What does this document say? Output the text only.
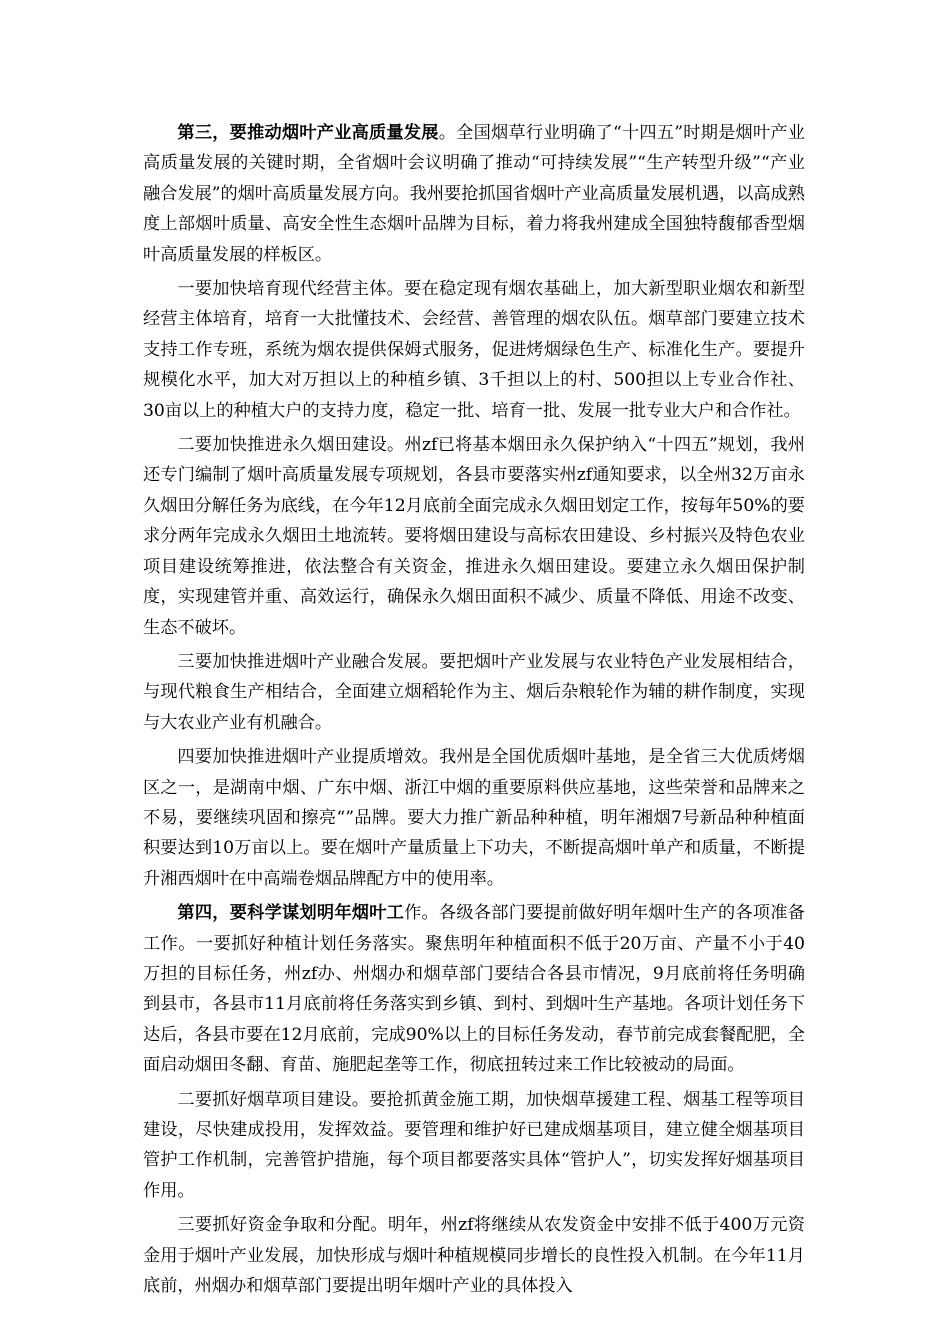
第三，要推动烟叶产业高质量发展。全国烟草行业明确了“十四五”时期是烟叶产业高质量发展的关键时期，全省烟叶会议明确了推动“可持续发展”“生产转型升级”“产业融合发展”的烟叶高质量发展方向。我州要抢抓国省烟叶产业高质量发展机遇，以高成熟度上部烟叶质量、高安全性生态烟叶品牌为目标，着力将我州建成全国独特馥郁香型烟叶高质量发展的样板区。

一要加快培育现代经营主体。要在稳定现有烟农基础上，加大新型职业烟农和新型经营主体培育，培育一大批懂技术、会经营、善管理的烟农队伍。烟草部门要建立技术支持工作专班，系统为烟农提供保姆式服务，促进烤烟绿色生产、标准化生产。要提升规模化水平，加大对万担以上的种植乡镇、3千担以上的村、500担以上专业合作社、30亩以上的种植大户的支持力度，稳定一批、培育一批、发展一批专业大户和合作社。

二要加快推进永久烟田建设。州zf已将基本烟田永久保护纳入“十四五”规划，我州还专门编制了烟叶高质量发展专项规划，各县市要落实州zf通知要求，以全州32万亩永久烟田分解任务为底线，在今年12月底前全面完成永久烟田划定工作，按每年50%的要求分两年完成永久烟田土地流转。要将烟田建设与高标农田建设、乡村振兴及特色农业项目建设统筹推进，依法整合有关资金，推进永久烟田建设。要建立永久烟田保护制度，实现建管并重、高效运行，确保永久烟田面积不减少、质量不降低、用途不改变、生态不破坏。

三要加快推进烟叶产业融合发展。要把烟叶产业发展与农业特色产业发展相结合，与现代粮食生产相结合，全面建立烟稻轮作为主、烟后杂粮轮作为辅的耕作制度，实现与大农业产业有机融合。

四要加快推进烟叶产业提质增效。我州是全国优质烟叶基地，是全省三大优质烤烟区之一，是湖南中烟、广东中烟、浙江中烟的重要原料供应基地，这些荣誉和品牌来之不易，要继续巩固和擦亮“”品牌。要大力推广新品种种植，明年湘烟7号新品种种植面积要达到10万亩以上。要在烟叶产量质量上下功夫，不断提高烟叶单产和质量，不断提升湘西烟叶在中高端卷烟品牌配方中的使用率。

第四，要科学谋划明年烟叶工作。各级各部门要提前做好明年烟叶生产的各项准备工作。一要抓好种植计划任务落实。聚焦明年种植面积不低于20万亩、产量不小于40万担的目标任务，州zf办、州烟办和烟草部门要结合各县市情况，9月底前将任务明确到县市，各县市11月底前将任务落实到乡镇、到村、到烟叶生产基地。各项计划任务下达后，各县市要在12月底前，完成90%以上的目标任务发动，春节前完成套餐配肥，全面启动烟田冬翻、育苗、施肥起垄等工作，彻底扭转过来工作比较被动的局面。

二要抓好烟草项目建设。要抢抓黄金施工期，加快烟草援建工程、烟基工程等项目建设，尽快建成投用，发挥效益。要管理和维护好已建成烟基项目，建立健全烟基项目管护工作机制，完善管护措施，每个项目都要落实具体“管护人”，切实发挥好烟基项目作用。

三要抓好资金争取和分配。明年，州zf将继续从农发资金中安排不低于400万元资金用于烟叶产业发展，加快形成与烟叶种植规模同步增长的良性投入机制。在今年11月底前，州烟办和烟草部门要提出明年烟叶产业的具体投入
